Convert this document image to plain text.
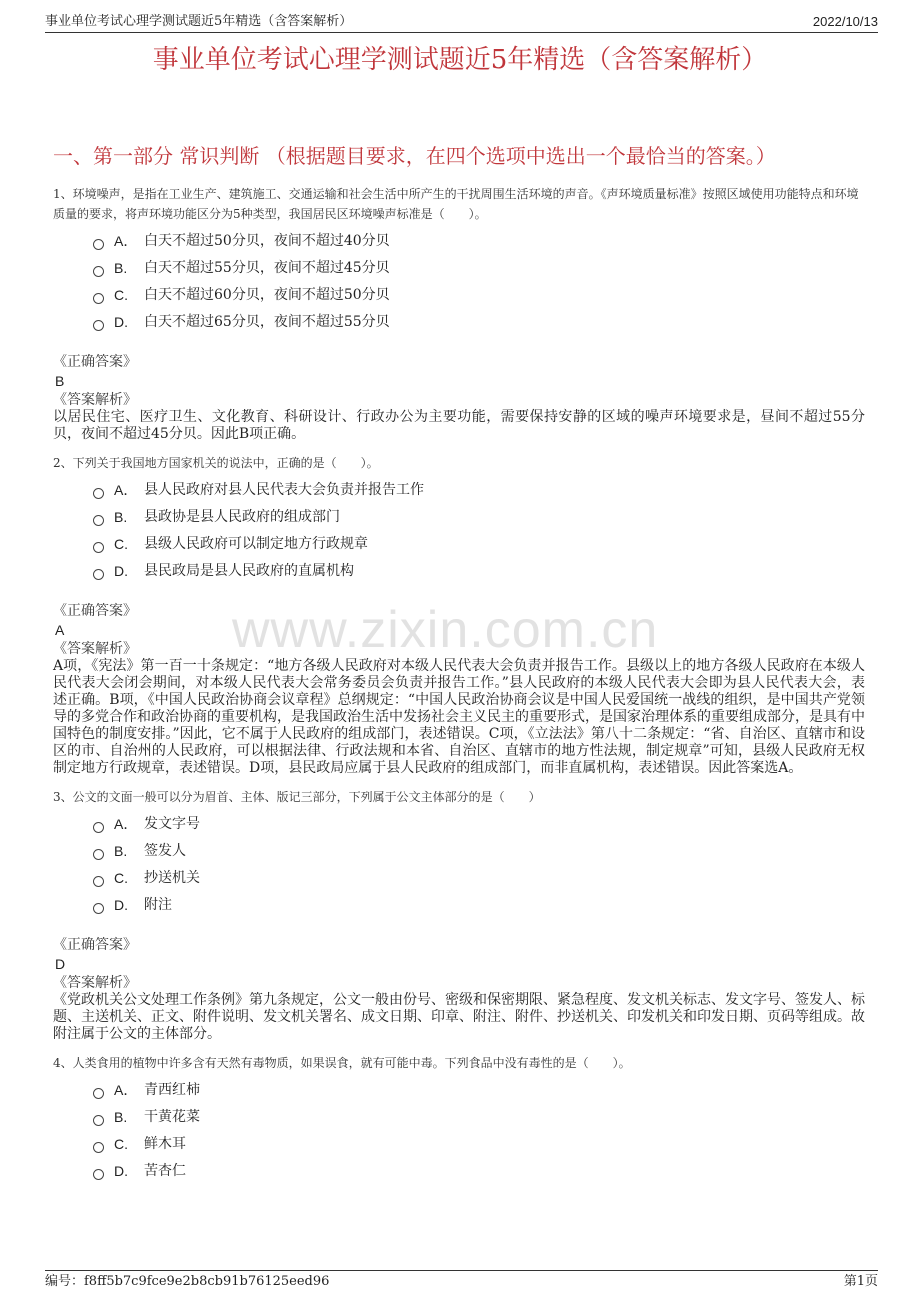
事业单位考试心理学测试题近5年精选（含答案解析）	2022/10/13
事业单位考试心理学测试题近5年精选（含答案解析）
一、第一部分 常识判断 （根据题目要求，在四个选项中选出一个最恰当的答案。）
www.zixin.com.cn
1、环境噪声，是指在工业生产、建筑施工、交通运输和社会生活中所产生的干扰周围生活环境的声音。《声环境质量标准》按照区域使用功能特点和环境质量的要求，将声环境功能区分为5种类型，我国居民区环境噪声标准是（　　）。
A． 白天不超过50分贝，夜间不超过40分贝
B.	白天不超过55分贝，夜间不超过45分贝
C.	白天不超过60分贝，夜间不超过50分贝
D.	白天不超过65分贝，夜间不超过55分贝
《正确答案》
B
《答案解析》
以居民住宅、医疗卫生、文化教育、科研设计、行政办公为主要功能，需要保持安静的区域的噪声环境要求是，昼间不超过55分贝，夜间不超过45分贝。因此B项正确。
2、下列关于我国地方国家机关的说法中，正确的是（　　）。
A． 县人民政府对县人民代表大会负责并报告工作
B.	县政协是县人民政府的组成部门
C.	县级人民政府可以制定地方行政规章
D.	县民政局是县人民政府的直属机构
《正确答案》
A
《答案解析》
A项，《宪法》第一百一十条规定：“地方各级人民政府对本级人民代表大会负责并报告工作。县级以上的地方各级人民政府在本级人民代表大会闭会期间，对本级人民代表大会常务委员会负责并报告工作。”县人民政府的本级人民代表大会即为县人民代表大会，表述正确。B项，《中国人民政治协商会议章程》总纲规定：“中国人民政治协商会议是中国人民爱国统一战线的组织，是中国共产党领导的多党合作和政治协商的重要机构，是我国政治生活中发扬社会主义民主的重要形式，是国家治理体系的重要组成部分，是具有中国特色的制度安排。”因此，它不属于人民政府的组成部门，表述错误。C项，《立法法》第八十二条规定：“省、自治区、直辖市和设区的市、自治州的人民政府，可以根据法律、行政法规和本省、自治区、直辖市的地方性法规，制定规章”可知，县级人民政府无权制定地方行政规章，表述错误。D项，县民政局应属于县人民政府的组成部门，而非直属机构，表述错误。因此答案选A。
3、公文的文面一般可以分为眉首、主体、版记三部分，下列属于公文主体部分的是（　　）
A． 发文字号
B.	签发人
C.	抄送机关
D.	附注
《正确答案》
D
《答案解析》
《党政机关公文处理工作条例》第九条规定，公文一般由份号、密级和保密期限、紧急程度、发文机关标志、发文字号、签发人、标题、主送机关、正文、附件说明、发文机关署名、成文日期、印章、附注、附件、抄送机关、印发机关和印发日期、页码等组成。故附注属于公文的主体部分。
4、人类食用的植物中许多含有天然有毒物质，如果误食，就有可能中毒。下列食品中没有毒性的是（　　）。
A． 青西红柿
B.	干黄花菜
C.	鲜木耳
D.	苦杏仁
编号：f8ff5b7c9fce9e2b8cb91b76125eed96	第1页
